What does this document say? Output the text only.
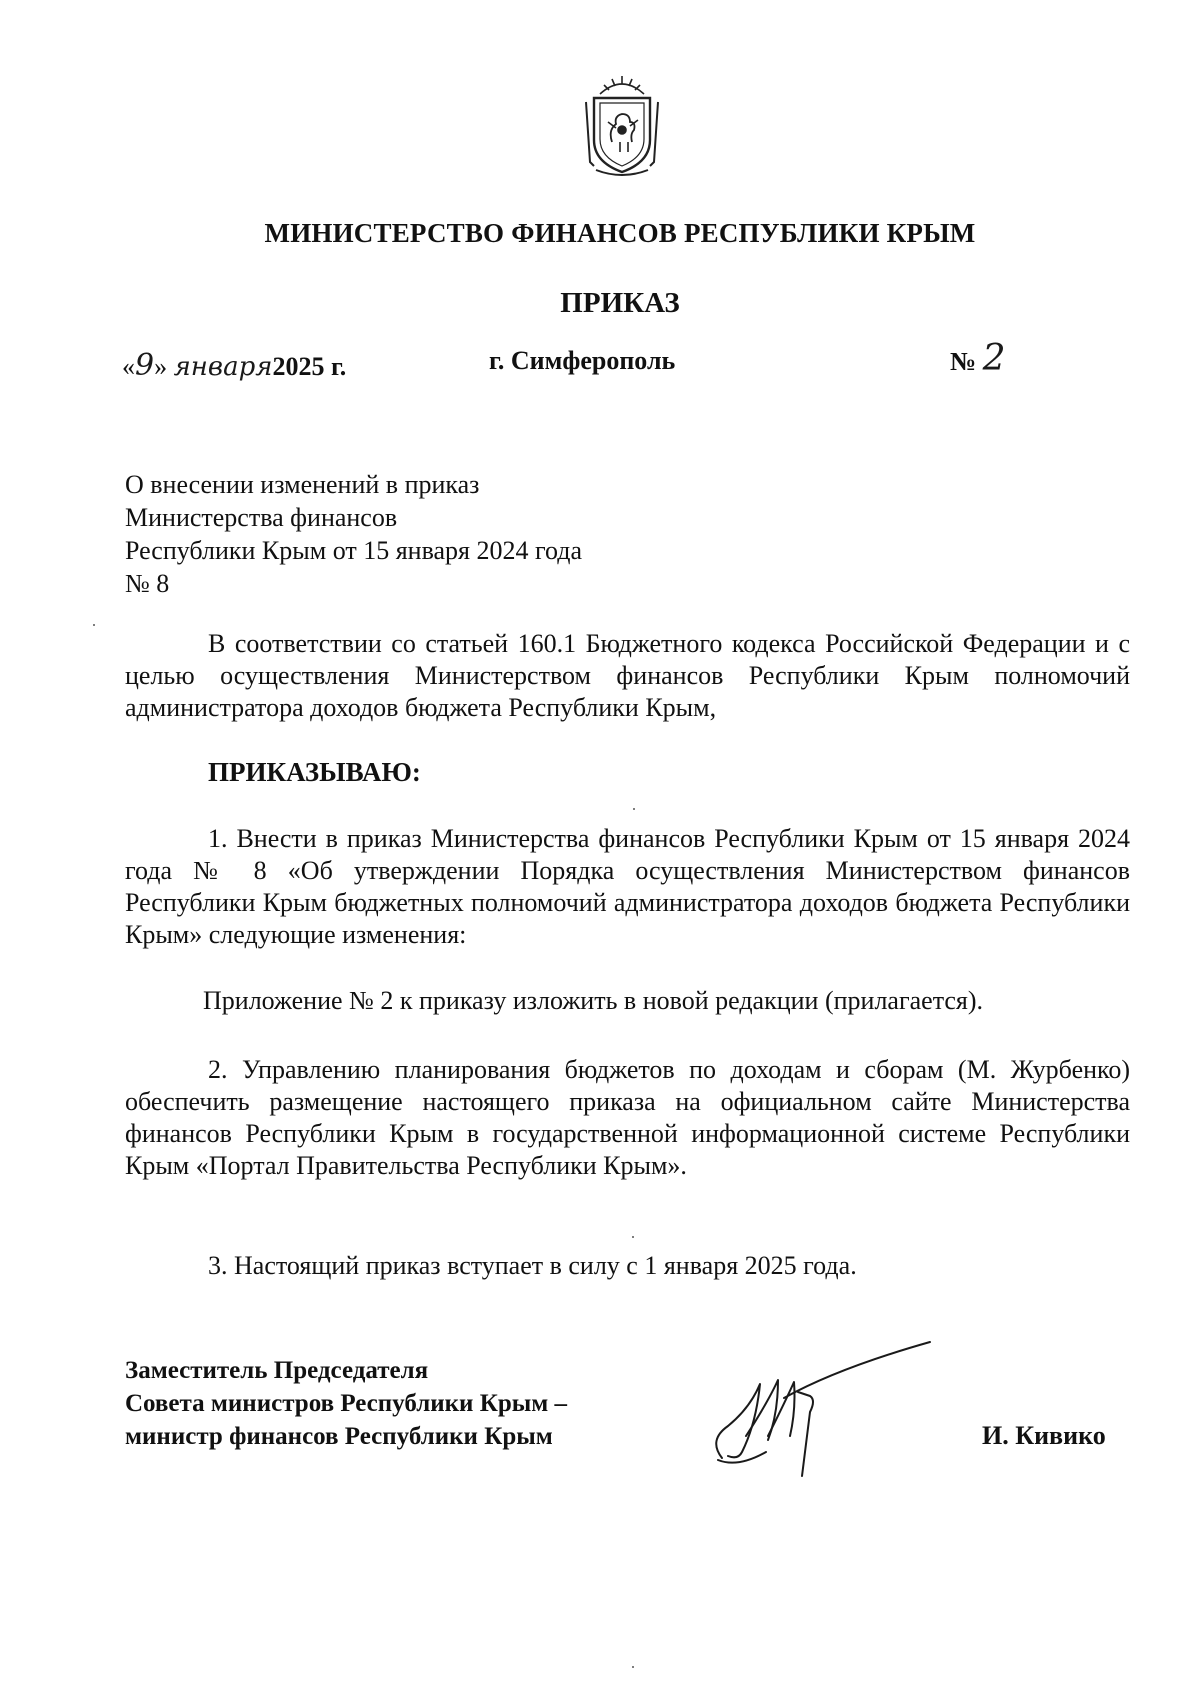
МИНИСТЕРСТВО ФИНАНСОВ РЕСПУБЛИКИ КРЫМ
ПРИКАЗ
«9» января2025 г.	г. Симферополь	№ 2
О внесении изменений в приказ
Министерства финансов
Республики Крым от 15 января 2024 года
№ 8
В соответствии со статьей 160.1 Бюджетного кодекса Российской Федерации и с целью осуществления Министерством финансов Республики Крым полномочий администратора доходов бюджета Республики Крым,
ПРИКАЗЫВАЮ:
1. Внести в приказ Министерства финансов Республики Крым от 15 января 2024 года № 8 «Об утверждении Порядка осуществления Министерством финансов Республики Крым бюджетных полномочий администратора доходов бюджета Республики Крым» следующие изменения:
Приложение № 2 к приказу изложить в новой редакции (прилагается).
2. Управлению планирования бюджетов по доходам и сборам (М. Журбенко) обеспечить размещение настоящего приказа на официальном сайте Министерства финансов Республики Крым в государственной информационной системе Республики Крым «Портал Правительства Республики Крым».
3. Настоящий приказ вступает в силу с 1 января 2025 года.
Заместитель Председателя
Совета министров Республики Крым –
министр финансов Республики Крым	И. Кивико
